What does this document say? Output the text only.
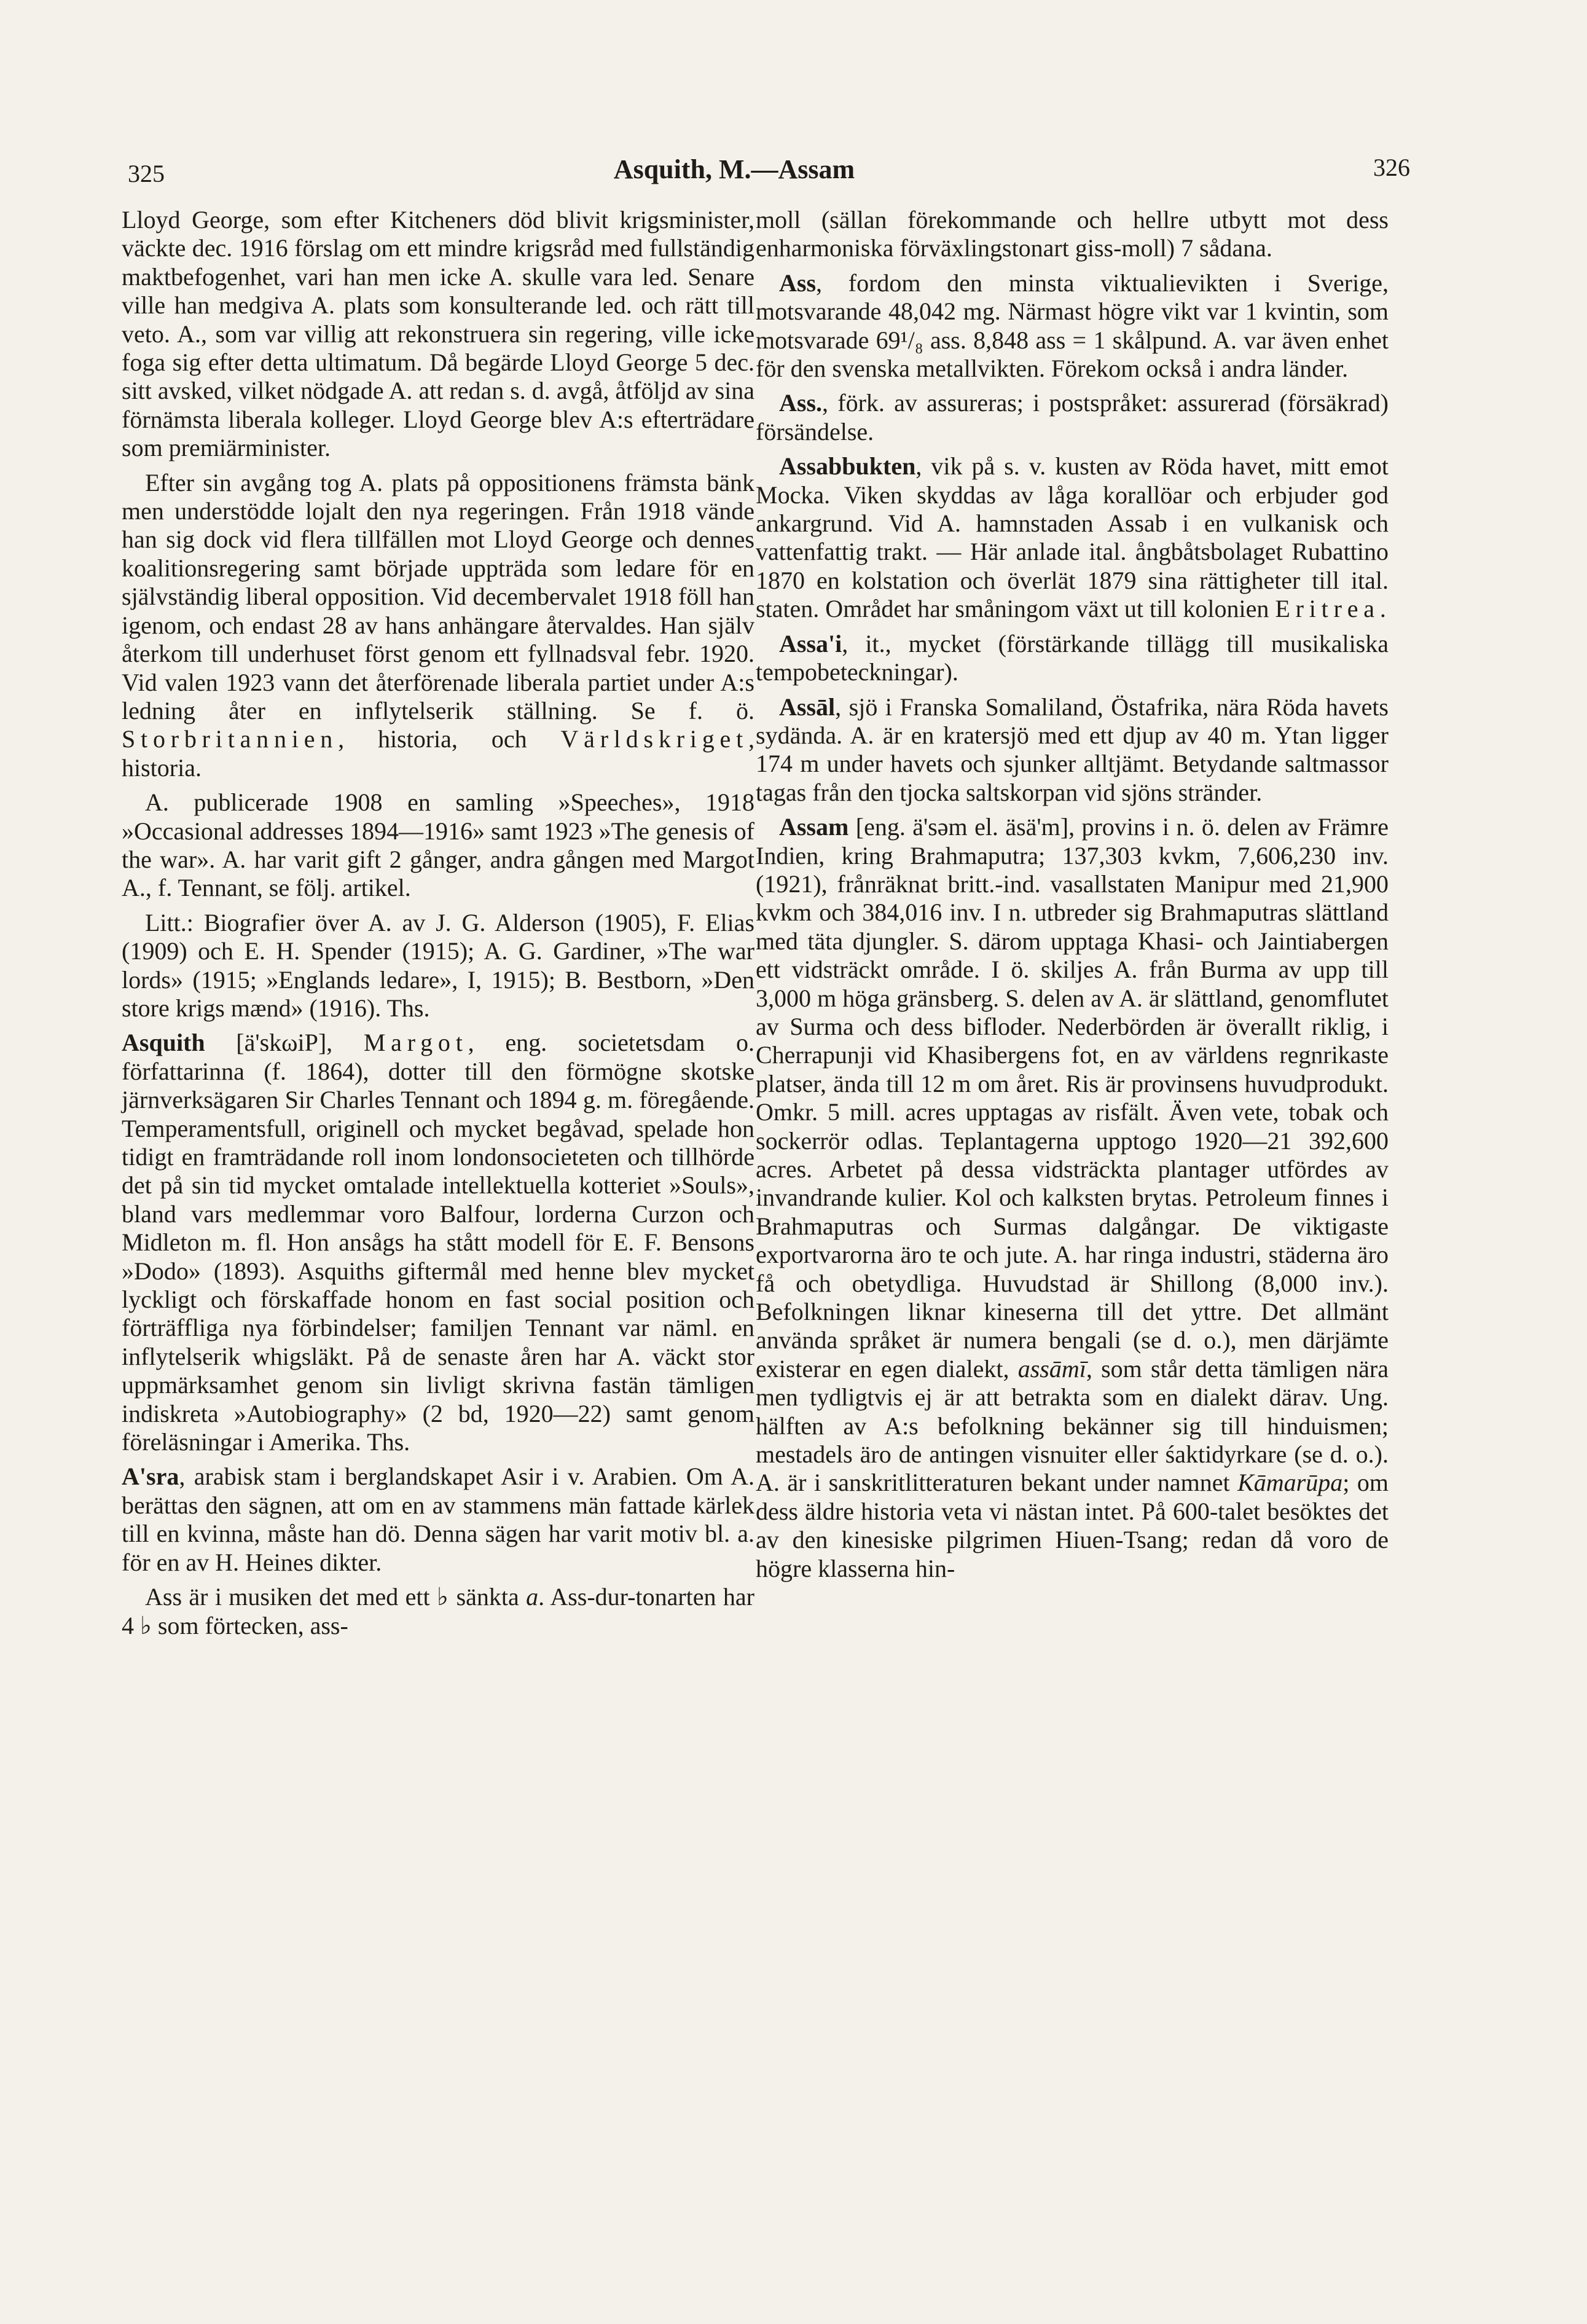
325	Asquith, M.—Assam	326

Lloyd George, som efter Kitcheners död blivit krigsminister, väckte dec. 1916 förslag om ett mindre krigsråd med fullständig maktbefogenhet, vari han men icke A. skulle vara led. Senare ville han medgiva A. plats som konsulterande led. och rätt till veto. A., som var villig att rekonstruera sin regering, ville icke foga sig efter detta ultimatum. Då begärde Lloyd George 5 dec. sitt avsked, vilket nödgade A. att redan s. d. avgå, åtföljd av sina förnämsta liberala kolleger. Lloyd George blev A:s efterträdare som premiärminister.

Efter sin avgång tog A. plats på oppositionens främsta bänk men understödde lojalt den nya regeringen. Från 1918 vände han sig dock vid flera tillfällen mot Lloyd George och dennes koalitionsregering samt började uppträda som ledare för en självständig liberal opposition. Vid decembervalet 1918 föll han igenom, och endast 28 av hans anhängare återvaldes. Han själv återkom till underhuset först genom ett fyllnadsval febr. 1920. Vid valen 1923 vann det återförenade liberala partiet under A:s ledning åter en inflytelserik ställning. Se f. ö. Storbritannien, historia, och Världskriget, historia.

A. publicerade 1908 en samling »Speeches», 1918 »Occasional addresses 1894—1916» samt 1923 »The genesis of the war». A. har varit gift 2 gånger, andra gången med Margot A., f. Tennant, se följ. artikel.

Litt.: Biografier över A. av J. G. Alderson (1905), F. Elias (1909) och E. H. Spender (1915); A. G. Gardiner, »The war lords» (1915; »Englands ledare», I, 1915); B. Bestborn, »Den store krigs mænd» (1916). Ths.

Asquith [ä'skωiP], Margot, eng. societetsdam o. författarinna (f. 1864), dotter till den förmögne skotske järnverksägaren Sir Charles Tennant och 1894 g. m. föregående. Temperamentsfull, originell och mycket begåvad, spelade hon tidigt en framträdande roll inom londonsocieteten och tillhörde det på sin tid mycket omtalade intellektuella kotteriet »Souls», bland vars medlemmar voro Balfour, lorderna Curzon och Midleton m. fl. Hon ansågs ha stått modell för E. F. Bensons »Dodo» (1893). Asquiths giftermål med henne blev mycket lyckligt och förskaffade honom en fast social position och förträffliga nya förbindelser; familjen Tennant var näml. en inflytelserik whigsläkt. På de senaste åren har A. väckt stor uppmärksamhet genom sin livligt skrivna fastän tämligen indiskreta »Autobiography» (2 bd, 1920—22) samt genom föreläsningar i Amerika. Ths.

A'sra, arabisk stam i berglandskapet Asir i v. Arabien. Om A. berättas den sägnen, att om en av stammens män fattade kärlek till en kvinna, måste han dö. Denna sägen har varit motiv bl. a. för en av H. Heines dikter.

Ass är i musiken det med ett ♭ sänkta a. Ass-dur-tonarten har 4 ♭ som förtecken, ass-

moll (sällan förekommande och hellre utbytt mot dess enharmoniska förväxlingstonart giss-moll) 7 sådana.

Ass, fordom den minsta viktualievikten i Sverige, motsvarande 48,042 mg. Närmast högre vikt var 1 kvintin, som motsvarade 69¹/₈ ass. 8,848 ass = 1 skålpund. A. var även enhet för den svenska metallvikten. Förekom också i andra länder.

Ass., förk. av assureras; i postspråket: assurerad (försäkrad) försändelse.

Assabbukten, vik på s. v. kusten av Röda havet, mitt emot Mocka. Viken skyddas av låga korallöar och erbjuder god ankargrund. Vid A. hamnstaden Assab i en vulkanisk och vattenfattig trakt. — Här anlade ital. ångbåtsbolaget Rubattino 1870 en kolstation och överlät 1879 sina rättigheter till ital. staten. Området har småningom växt ut till kolonien Eritrea.

Assa'i, it., mycket (förstärkande tillägg till musikaliska tempobeteckningar).

Assāl, sjö i Franska Somaliland, Östafrika, nära Röda havets sydända. A. är en kratersjö med ett djup av 40 m. Ytan ligger 174 m under havets och sjunker alltjämt. Betydande saltmassor tagas från den tjocka saltskorpan vid sjöns stränder.

Assam [eng. ä'səm el. äsä'm], provins i n. ö. delen av Främre Indien, kring Brahmaputra; 137,303 kvkm, 7,606,230 inv. (1921), frånräknat britt.-ind. vasallstaten Manipur med 21,900 kvkm och 384,016 inv. I n. utbreder sig Brahmaputras slättland med täta djungler. S. därom upptaga Khasi- och Jaintiabergen ett vidsträckt område. I ö. skiljes A. från Burma av upp till 3,000 m höga gränsberg. S. delen av A. är slättland, genomflutet av Surma och dess bifloder. Nederbörden är överallt riklig, i Cherrapunji vid Khasibergens fot, en av världens regnrikaste platser, ända till 12 m om året. Ris är provinsens huvudprodukt. Omkr. 5 mill. acres upptagas av risfält. Även vete, tobak och sockerrör odlas. Teplantagerna upptogo 1920—21 392,600 acres. Arbetet på dessa vidsträckta plantager utfördes av invandrande kulier. Kol och kalksten brytas. Petroleum finnes i Brahmaputras och Surmas dalgångar. De viktigaste exportvarorna äro te och jute. A. har ringa industri, städerna äro få och obetydliga. Huvudstad är Shillong (8,000 inv.). Befolkningen liknar kineserna till det yttre. Det allmänt använda språket är numera bengali (se d. o.), men därjämte existerar en egen dialekt, assāmī, som står detta tämligen nära men tydligtvis ej är att betrakta som en dialekt därav. Ung. hälften av A:s befolkning bekänner sig till hinduismen; mestadels äro de antingen visnuiter eller śaktidyrkare (se d. o.). A. är i sanskritlitteraturen bekant under namnet Kāmarūpa; om dess äldre historia veta vi nästan intet. På 600-talet besöktes det av den kinesiske pilgrimen Hiuen-Tsang; redan då voro de högre klasserna hin-
